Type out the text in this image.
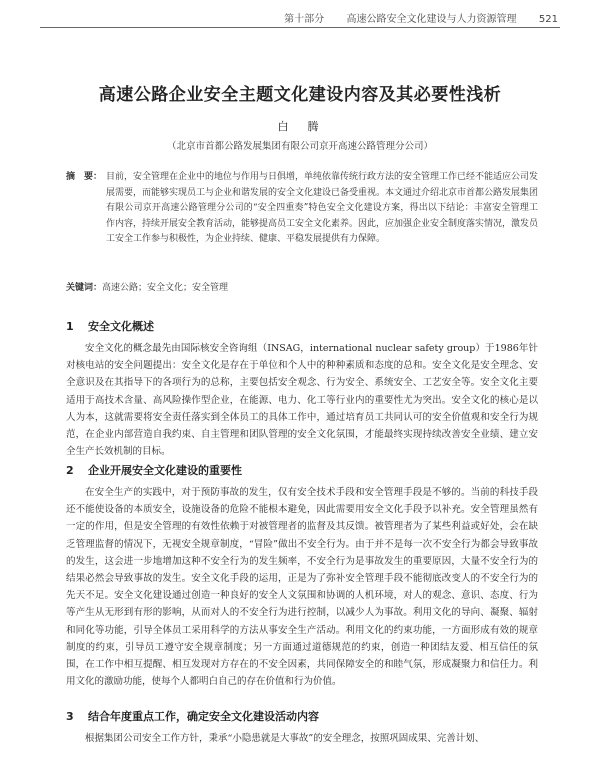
第十部分 高速公路安全文化建设与人力资源管理 521
高速公路企业安全主题文化建设内容及其必要性浅析
白　腾
（北京市首都公路发展集团有限公司京开高速公路管理分公司）
摘　要： 目前，安全管理在企业中的地位与作用与日俱增，单纯依靠传统行政方法的安全管理工作已经不能适应公司发展需要，而能够实现员工与企业和谐发展的安全文化建设已备受重视。本文通过介绍北京市首都公路发展集团有限公司京开高速公路管理分公司的“安全四重奏”特色安全文化建设方案，得出以下结论：丰富安全管理工作内容，持续开展安全教育活动，能够提高员工安全文化素养。因此，应加强企业安全制度落实情况，激发员工安全工作参与积极性，为企业持续、健康、平稳发展提供有力保障。
关键词：高速公路；安全文化；安全管理
1 安全文化概述
安全文化的概念最先由国际核安全咨询组（INSAG，international nuclear safety group）于1986年针对核电站的安全问题提出：安全文化是存在于单位和个人中的种种素质和态度的总和。安全文化是安全理念、安全意识及在其指导下的各项行为的总称，主要包括安全观念、行为安全、系统安全、工艺安全等。安全文化主要适用于高技术含量、高风险操作型企业，在能源、电力、化工等行业内的重要性尤为突出。安全文化的核心是以人为本，这就需要将安全责任落实到全体员工的具体工作中，通过培育员工共同认可的安全价值观和安全行为规范，在企业内部营造自我约束、自主管理和团队管理的安全文化氛围，才能最终实现持续改善安全业绩、建立安全生产长效机制的目标。
2 企业开展安全文化建设的重要性
在安全生产的实践中，对于预防事故的发生，仅有安全技术手段和安全管理手段是不够的。当前的科技手段还不能使设备的本质安全，设施设备的危险不能根本避免，因此需要用安全文化手段予以补充。安全管理虽然有一定的作用，但是安全管理的有效性依赖于对被管理者的监督及其反馈。被管理者为了某些利益或好处，会在缺乏管理监督的情况下，无视安全规章制度，“冒险”做出不安全行为。由于并不是每一次不安全行为都会导致事故的发生，这会进一步地增加这种不安全行为的发生频率，不安全行为是事故发生的重要原因，大量不安全行为的结果必然会导致事故的发生。安全文化手段的运用，正是为了弥补安全管理手段不能彻底改变人的不安全行为的先天不足。安全文化建设通过创造一种良好的安全人文氛围和协调的人机环境，对人的观念、意识、态度、行为等产生从无形到有形的影响，从而对人的不安全行为进行控制，以减少人为事故。利用文化的导向、凝聚、辐射和同化等功能，引导全体员工采用科学的方法从事安全生产活动。利用文化的约束功能，一方面形成有效的规章制度的约束，引导员工遵守安全规章制度；另一方面通过道德规范的约束，创造一种团结友爱、相互信任的氛围，在工作中相互提醒、相互发现对方存在的不安全因素，共同保障安全的和睦气氛，形成凝聚力和信任力。利用文化的激励功能，使每个人都明白自己的存在价值和行为价值。
3 结合年度重点工作，确定安全文化建设活动内容
根据集团公司安全工作方针，秉承“小隐患就是大事故”的安全理念，按照巩固成果、完善计划、
